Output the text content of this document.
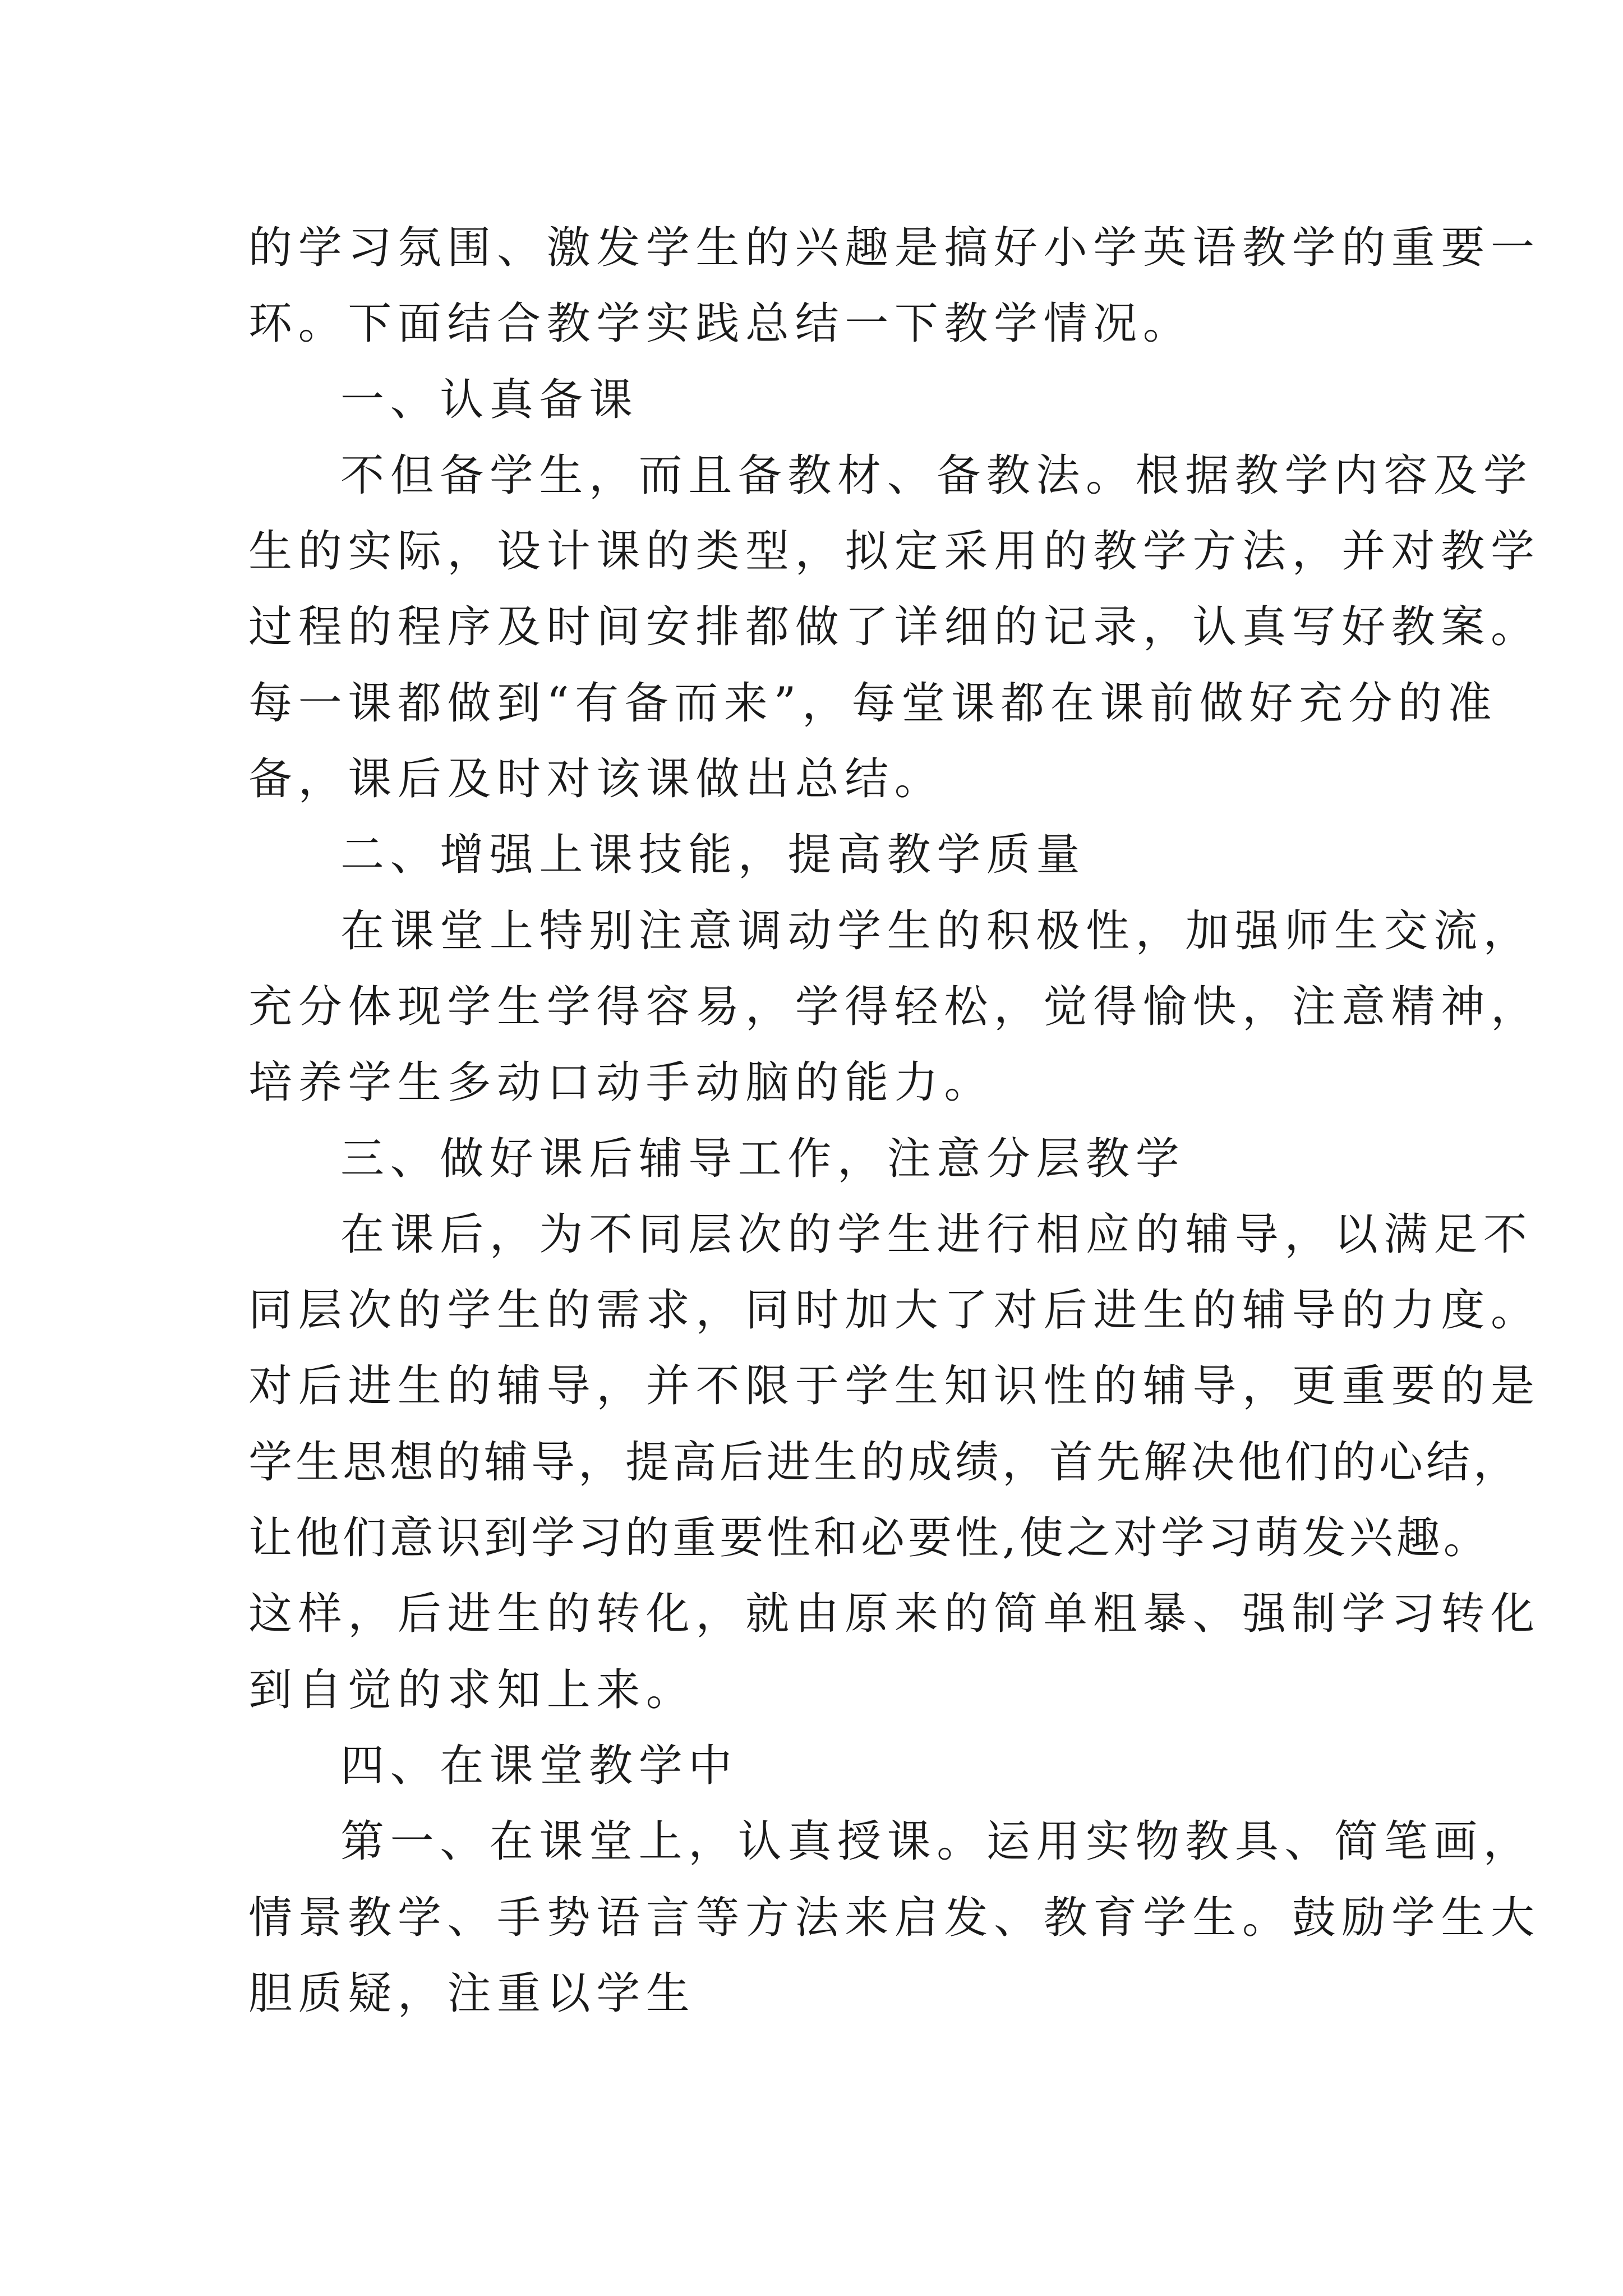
的学习氛围、激发学生的兴趣是搞好小学英语教学的重要一
环。下面结合教学实践总结一下教学情况。
一、认真备课
不但备学生，而且备教材、备教法。根据教学内容及学
生的实际，设计课的类型，拟定采用的教学方法，并对教学
过程的程序及时间安排都做了详细的记录，认真写好教案。
每一课都做到“有备而来”，每堂课都在课前做好充分的准
备，课后及时对该课做出总结。
二、增强上课技能，提高教学质量
在课堂上特别注意调动学生的积极性，加强师生交流，
充分体现学生学得容易，学得轻松，觉得愉快，注意精神，
培养学生多动口动手动脑的能力。
三、做好课后辅导工作，注意分层教学
在课后，为不同层次的学生进行相应的辅导，以满足不
同层次的学生的需求，同时加大了对后进生的辅导的力度。
对后进生的辅导，并不限于学生知识性的辅导，更重要的是
学生思想的辅导，提高后进生的成绩，首先解决他们的心结，
让他们意识到学习的重要性和必要性,使之对学习萌发兴趣。
这样，后进生的转化，就由原来的简单粗暴、强制学习转化
到自觉的求知上来。
四、在课堂教学中
第一、在课堂上，认真授课。运用实物教具、简笔画，
情景教学、手势语言等方法来启发、教育学生。鼓励学生大
胆质疑，注重以学生
